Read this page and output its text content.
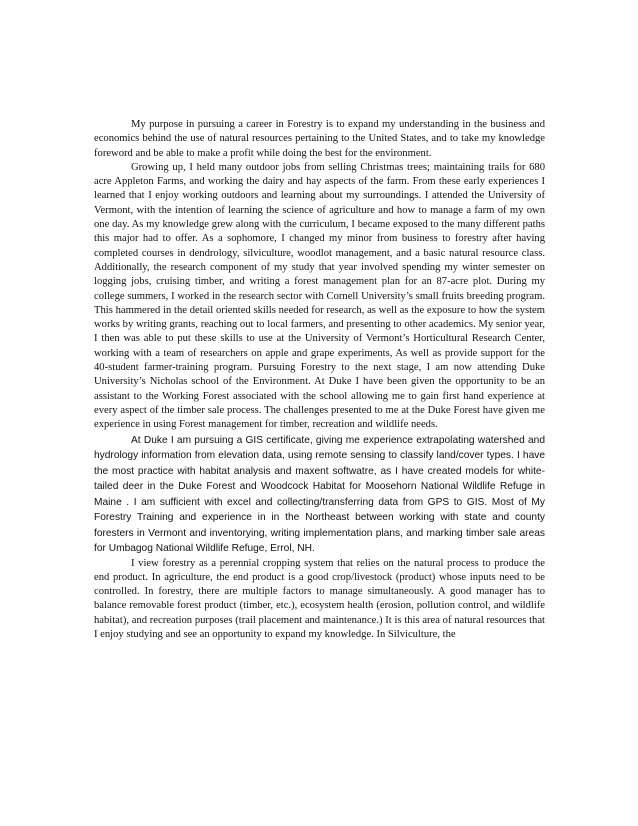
My purpose in pursuing a career in Forestry is to expand my understanding in the business and economics behind the use of natural resources pertaining to the United States, and to take my knowledge foreword and be able to make a profit while doing the best for the environment.

Growing up, I held many outdoor jobs from selling Christmas trees; maintaining trails for 680 acre Appleton Farms, and working the dairy and hay aspects of the farm. From these early experiences I learned that I enjoy working outdoors and learning about my surroundings. I attended the University of Vermont, with the intention of learning the science of agriculture and how to manage a farm of my own one day. As my knowledge grew along with the curriculum, I became exposed to the many different paths this major had to offer. As a sophomore, I changed my minor from business to forestry after having completed courses in dendrology, silviculture, woodlot management, and a basic natural resource class. Additionally, the research component of my study that year involved spending my winter semester on logging jobs, cruising timber, and writing a forest management plan for an 87-acre plot. During my college summers, I worked in the research sector with Cornell University’s small fruits breeding program. This hammered in the detail oriented skills needed for research, as well as the exposure to how the system works by writing grants, reaching out to local farmers, and presenting to other academics. My senior year, I then was able to put these skills to use at the University of Vermont’s Horticultural Research Center, working with a team of researchers on apple and grape experiments, As well as provide support for the 40-student farmer-training program. Pursuing Forestry to the next stage, I am now attending Duke University’s Nicholas school of the Environment. At Duke I have been given the opportunity to be an assistant to the Working Forest associated with the school allowing me to gain first hand experience at every aspect of the timber sale process. The challenges presented to me at the Duke Forest have given me experience in using Forest management for timber, recreation and wildlife needs.

At Duke I am pursuing a GIS certificate, giving me experience extrapolating watershed and hydrology information from elevation data, using remote sensing to classify land/cover types. I have the most practice with habitat analysis and maxent softwatre, as I have created models for white-tailed deer in the Duke Forest and Woodcock Habitat for Moosehorn National Wildlife Refuge in Maine . I am sufficient with excel and collecting/transferring data from GPS to GIS. Most of My Forestry Training and experience in in the Northeast between working with state and county foresters in Vermont and inventorying, writing implementation plans, and marking timber sale areas for Umbagog National Wildlife Refuge, Errol, NH.

I view forestry as a perennial cropping system that relies on the natural process to produce the end product. In agriculture, the end product is a good crop/livestock (product) whose inputs need to be controlled. In forestry, there are multiple factors to manage simultaneously. A good manager has to balance removable forest product (timber, etc.), ecosystem health (erosion, pollution control, and wildlife habitat), and recreation purposes (trail placement and maintenance.) It is this area of natural resources that I enjoy studying and see an opportunity to expand my knowledge. In Silviculture, the
